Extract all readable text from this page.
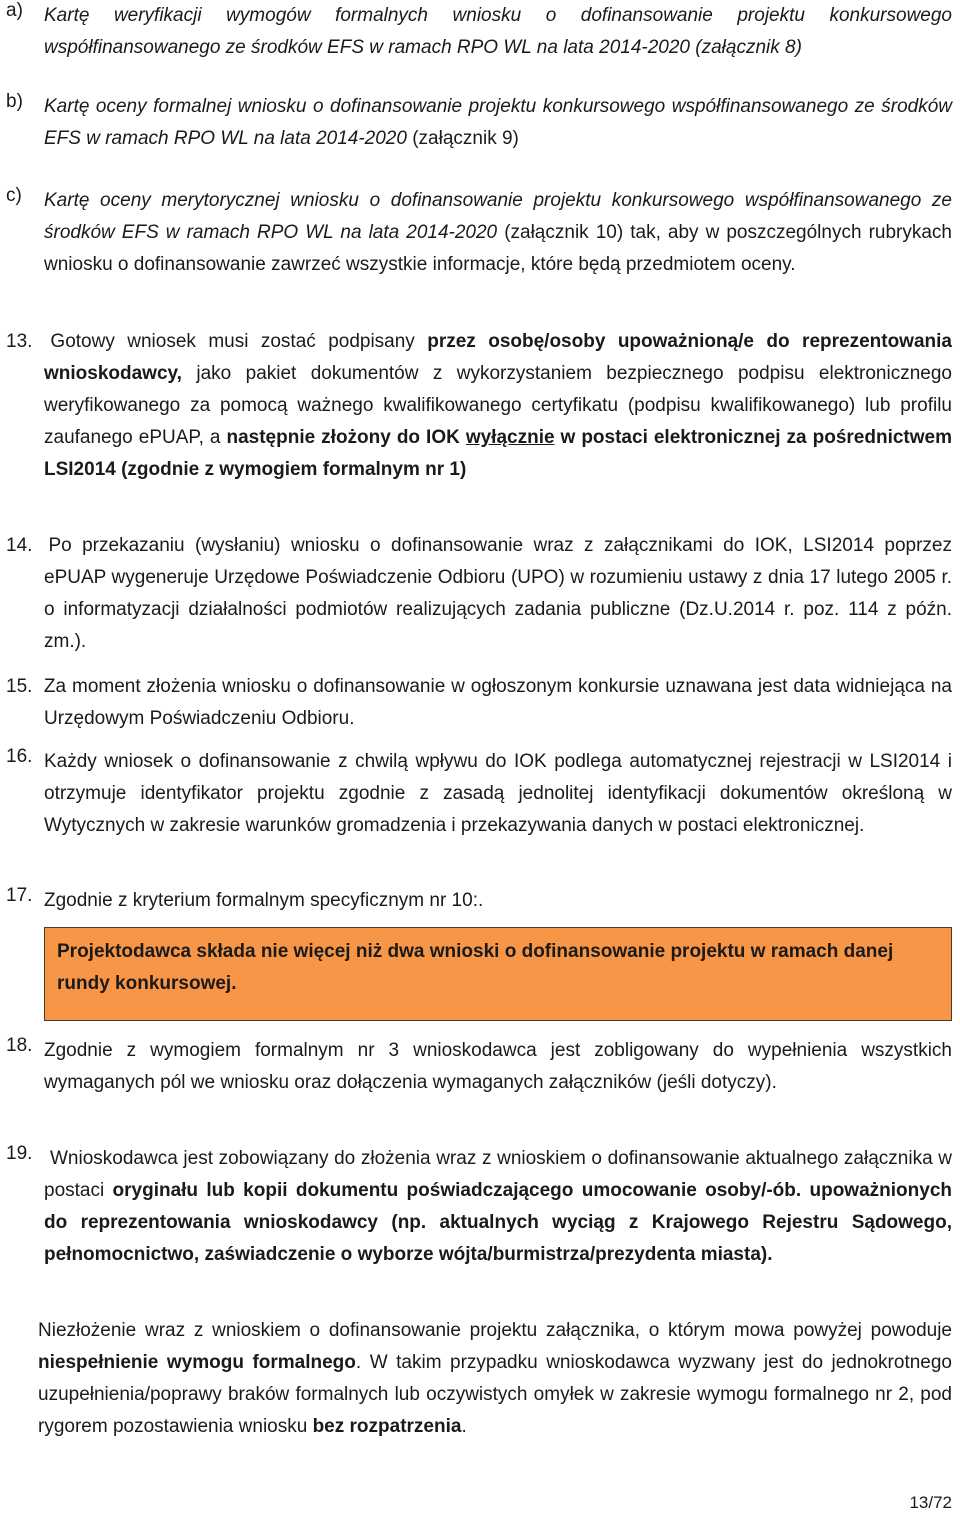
a) Kartę weryfikacji wymogów formalnych wniosku o dofinansowanie projektu konkursowego współfinansowanego ze środków EFS w ramach RPO WL na lata 2014-2020 (załącznik 8)

b) Kartę oceny formalnej wniosku o dofinansowanie projektu konkursowego współfinansowanego ze środków EFS w ramach RPO WL na lata 2014-2020 (załącznik 9)

c) Kartę oceny merytorycznej wniosku o dofinansowanie projektu konkursowego współfinansowanego ze środków EFS w ramach RPO WL na lata 2014-2020 (załącznik 10) tak, aby w poszczególnych rubrykach wniosku o dofinansowanie zawrzeć wszystkie informacje, które będą przedmiotem oceny.

13. Gotowy wniosek musi zostać podpisany przez osobę/osoby upoważnioną/e do reprezentowania wnioskodawcy, jako pakiet dokumentów z wykorzystaniem bezpiecznego podpisu elektronicznego weryfikowanego za pomocą ważnego kwalifikowanego certyfikatu (podpisu kwalifikowanego) lub profilu zaufanego ePUAP, a następnie złożony do IOK wyłącznie w postaci elektronicznej za pośrednictwem LSI2014 (zgodnie z wymogiem formalnym nr 1)

14. Po przekazaniu (wysłaniu) wniosku o dofinansowanie wraz z załącznikami do IOK, LSI2014 poprzez ePUAP wygeneruje Urzędowe Poświadczenie Odbioru (UPO) w rozumieniu ustawy z dnia 17 lutego 2005 r. o informatyzacji działalności podmiotów realizujących zadania publiczne (Dz.U.2014 r. poz. 114 z późn. zm.).

15. Za moment złożenia wniosku o dofinansowanie w ogłoszonym konkursie uznawana jest data widniejąca na Urzędowym Poświadczeniu Odbioru.

16. Każdy wniosek o dofinansowanie z chwilą wpływu do IOK podlega automatycznej rejestracji w LSI2014 i otrzymuje identyfikator projektu zgodnie z zasadą jednolitej identyfikacji dokumentów określoną w Wytycznych w zakresie warunków gromadzenia i przekazywania danych w postaci elektronicznej.

17. Zgodnie z kryterium formalnym specyficznym nr 10:.

Projektodawca składa nie więcej niż dwa wnioski o dofinansowanie projektu w ramach danej rundy konkursowej.

18. Zgodnie z wymogiem formalnym nr 3 wnioskodawca jest zobligowany do wypełnienia wszystkich wymaganych pól we wniosku oraz dołączenia wymaganych załączników (jeśli dotyczy).

19. Wnioskodawca jest zobowiązany do złożenia wraz z wnioskiem o dofinansowanie aktualnego załącznika w postaci oryginału lub kopii dokumentu poświadczającego umocowanie osoby/-ób. upoważnionych do reprezentowania wnioskodawcy (np. aktualnych wyciąg z Krajowego Rejestru Sądowego, pełnomocnictwo, zaświadczenie o wyborze wójta/burmistrza/prezydenta miasta).

Niezłożenie wraz z wnioskiem o dofinansowanie projektu załącznika, o którym mowa powyżej powoduje niespełnienie wymogu formalnego. W takim przypadku wnioskodawca wyzwany jest do jednokrotnego uzupełnienia/poprawy braków formalnych lub oczywistych omyłek w zakresie wymogu formalnego nr 2, pod rygorem pozostawienia wniosku bez rozpatrzenia.

13/72
